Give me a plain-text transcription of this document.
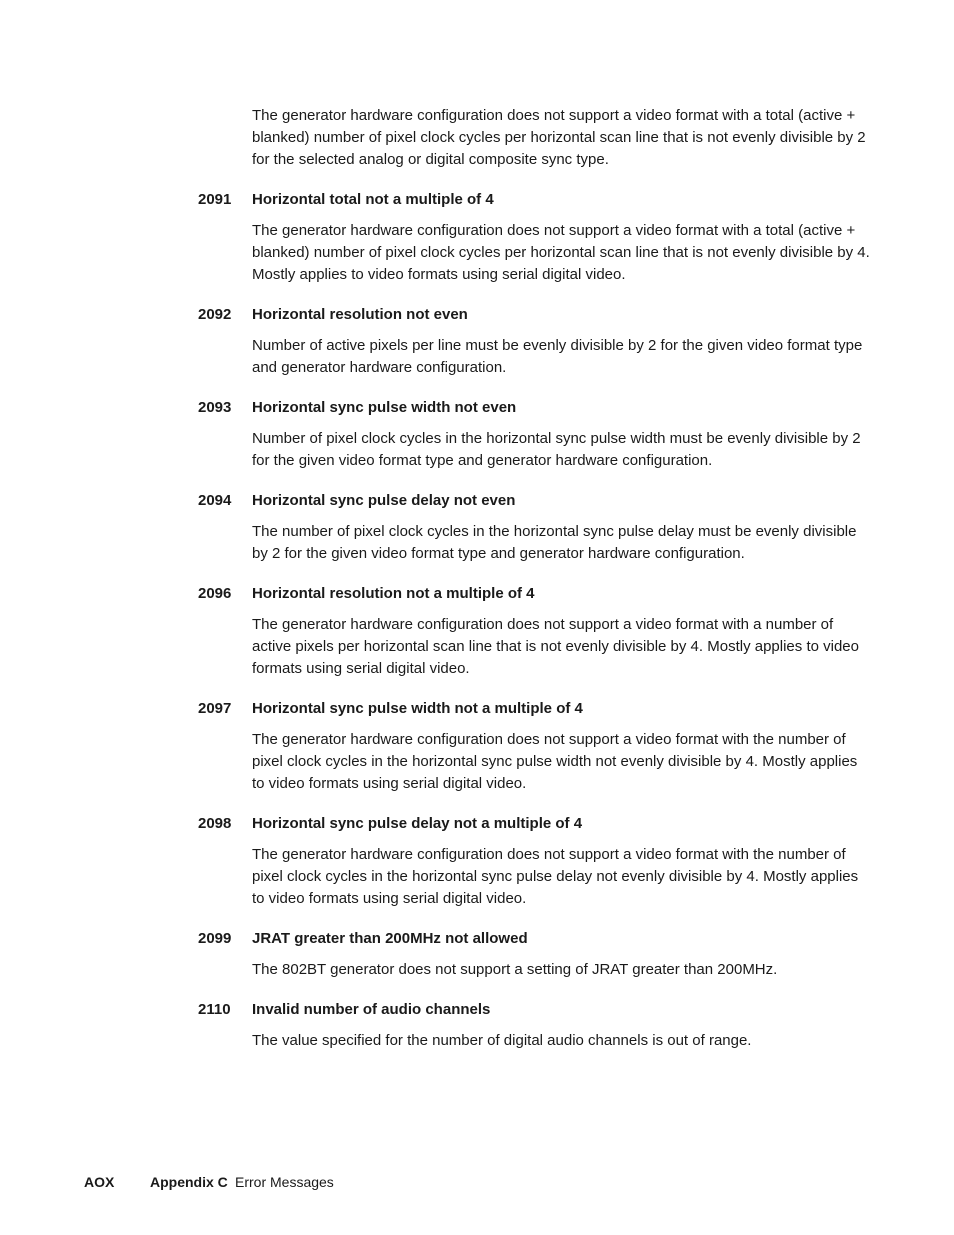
The generator hardware configuration does not support a video format with a total (active + blanked) number of pixel clock cycles per horizontal scan line that is not evenly divisible by 2 for the selected analog or digital composite sync type.

2091 Horizontal total not a multiple of 4

The generator hardware configuration does not support a video format with a total (active + blanked) number of pixel clock cycles per horizontal scan line that is not evenly divisible by 4. Mostly applies to video formats using serial digital video.

2092 Horizontal resolution not even

Number of active pixels per line must be evenly divisible by 2 for the given video format type and generator hardware configuration.

2093 Horizontal sync pulse width not even

Number of pixel clock cycles in the horizontal sync pulse width must be evenly divisible by 2 for the given video format type and generator hardware configuration.

2094 Horizontal sync pulse delay not even

The number of pixel clock cycles in the horizontal sync pulse delay must be evenly divisible by 2 for the given video format type and generator hardware configuration.

2096 Horizontal resolution not a multiple of 4

The generator hardware configuration does not support a video format with a number of active pixels per horizontal scan line that is not evenly divisible by 4. Mostly applies to video formats using serial digital video.

2097 Horizontal sync pulse width not a multiple of 4

The generator hardware configuration does not support a video format with the number of pixel clock cycles in the horizontal sync pulse width not evenly divisible by 4. Mostly applies to video formats using serial digital video.

2098 Horizontal sync pulse delay not a multiple of 4

The generator hardware configuration does not support a video format with the number of pixel clock cycles in the horizontal sync pulse delay not evenly divisible by 4. Mostly applies to video formats using serial digital video.

2099 JRAT greater than 200MHz not allowed

The 802BT generator does not support a setting of JRAT greater than 200MHz.

2110 Invalid number of audio channels

The value specified for the number of digital audio channels is out of range.

AOX	Appendix C Error Messages
